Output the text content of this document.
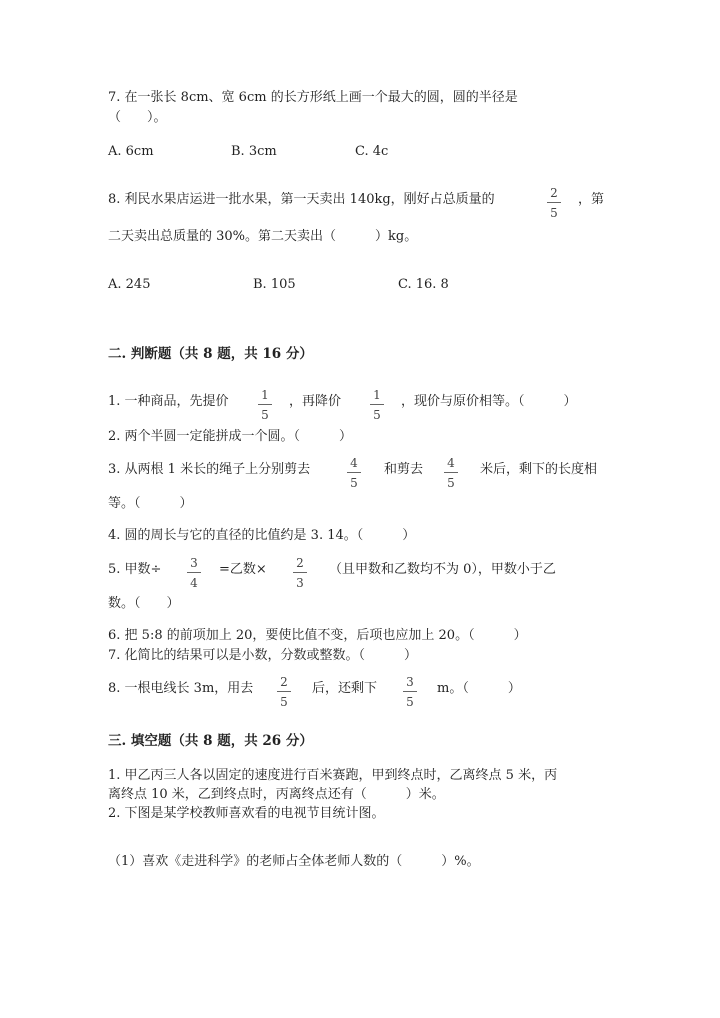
7. 在一张长 8cm、宽 6cm 的长方形纸上画一个最大的圆，圆的半径是
（　　）。
A. 6cm	B. 3cm	C. 4c
8. 利民水果店运进一批水果，第一天卖出 140kg，刚好占总质量的	2
5
，第
二天卖出总质量的 30%。第二天卖出（　　　）kg。
A. 245	B. 105	C. 16. 8
二. 判断题（共 8 题，共 16 分）
1. 一种商品，先提价	1
5
，再降价	1
5
，现价与原价相等。（　　　）
2. 两个半圆一定能拼成一个圆。（　　　）
3. 从两根 1 米长的绳子上分别剪去	4
5
和剪去	4
5
米后，剩下的长度相
等。（　　　）
4. 圆的周长与它的直径的比值约是 3. 14。（　　　）
5. 甲数÷	3
4
=乙数×	2
3
（且甲数和乙数均不为 0），甲数小于乙
数。（　　）
6. 把 5:8 的前项加上 20，要使比值不变，后项也应加上 20。（　　　）
7. 化简比的结果可以是小数，分数或整数。（　　　）
8. 一根电线长 3m，用去	2
5
后，还剩下	3
5
m。（　　　）
三. 填空题（共 8 题，共 26 分）
1. 甲乙丙三人各以固定的速度进行百米赛跑，甲到终点时，乙离终点 5 米，丙
离终点 10 米，乙到终点时，丙离终点还有（　　　）米。
2. 下图是某学校教师喜欢看的电视节目统计图。
（1）喜欢《走进科学》的老师占全体老师人数的（　　　）%。
